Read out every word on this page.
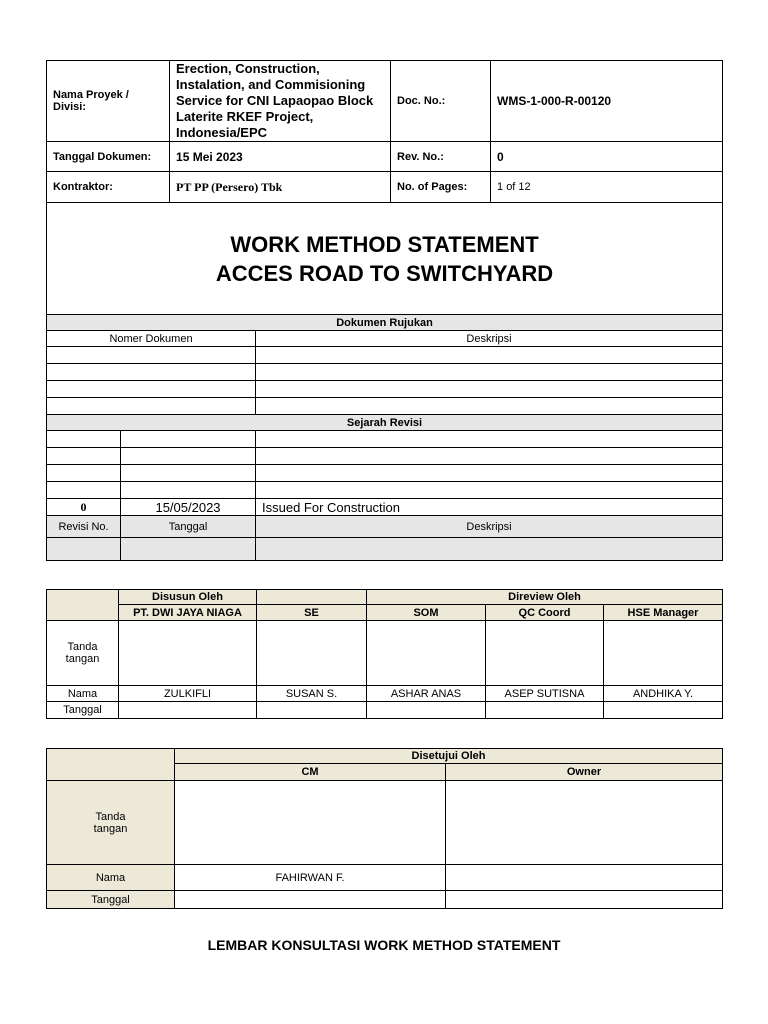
Nama Proyek / Divisi:		Erection, Construction, Instalation, and Commisioning Service for CNI Lapaopao Block Laterite RKEF Project, Indonesia/EPC		Doc. No.:	WMS-1-000-R-00120
Tanggal Dokumen:		15 Mei 2023		Rev. No.:	0
Kontraktor:		PT PP (Persero) Tbk		No. of Pages:	1 of 12

WORK METHOD STATEMENT
ACCES ROAD TO SWITCHYARD					

Dokumen Rujukan					
Nomer Dokumen			Deskripsi		

Sejarah Revisi					

0	15/05/2023		Issued For Construction		
Revisi No.	Tanggal		Deskripsi		

	Disusun Oleh		Direview Oleh		
	PT. DWI JAYA NIAGA	SE	SOM	QC Coord	HSE Manager
Tanda tangan					
Nama	ZULKIFLI	SUSAN S.	ASHAR ANAS	ASEP SUTISNA	ANDHIKA Y.
Tanggal					
	Disetujui Oleh	
	CM	Owner
Tanda tangan		
Nama	FAHIRWAN F.	
Tanggal		
LEMBAR KONSULTASI WORK METHOD STATEMENT
